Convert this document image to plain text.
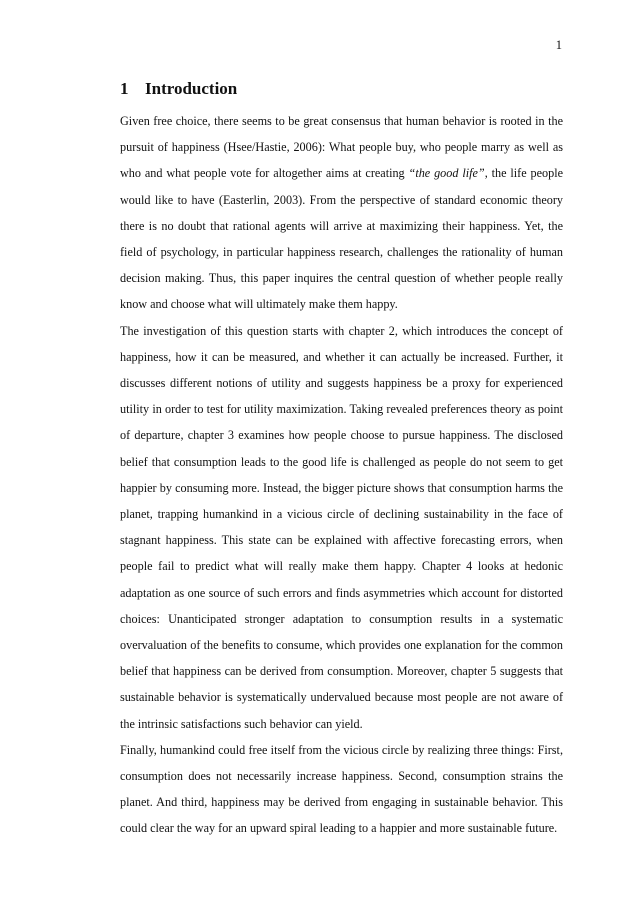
1
1 Introduction

Given free choice, there seems to be great consensus that human behavior is rooted in the pursuit of happiness (Hsee/Hastie, 2006): What people buy, who people marry as well as who and what people vote for altogether aims at creating “the good life”, the life people would like to have (Easterlin, 2003). From the perspective of standard economic theory there is no doubt that rational agents will arrive at maximizing their happiness. Yet, the field of psychology, in particular happiness research, challenges the rationality of human decision making. Thus, this paper inquires the central question of whether people really know and choose what will ultimately make them happy.

The investigation of this question starts with chapter 2, which introduces the concept of happiness, how it can be measured, and whether it can actually be increased. Further, it discusses different notions of utility and suggests happiness be a proxy for experienced utility in order to test for utility maximization. Taking revealed preferences theory as point of departure, chapter 3 examines how people choose to pursue happiness. The disclosed belief that consumption leads to the good life is challenged as people do not seem to get happier by consuming more. Instead, the bigger picture shows that consumption harms the planet, trapping humankind in a vicious circle of declining sustainability in the face of stagnant happiness. This state can be explained with affective forecasting errors, when people fail to predict what will really make them happy. Chapter 4 looks at hedonic adaptation as one source of such errors and finds asymmetries which account for distorted choices: Unanticipated stronger adaptation to consumption results in a systematic overvaluation of the benefits to consume, which provides one explanation for the common belief that happiness can be derived from consumption. Moreover, chapter 5 suggests that sustainable behavior is systematically undervalued because most people are not aware of the intrinsic satisfactions such behavior can yield.

Finally, humankind could free itself from the vicious circle by realizing three things: First, consumption does not necessarily increase happiness. Second, consumption strains the planet. And third, happiness may be derived from engaging in sustainable behavior. This could clear the way for an upward spiral leading to a happier and more sustainable future.
